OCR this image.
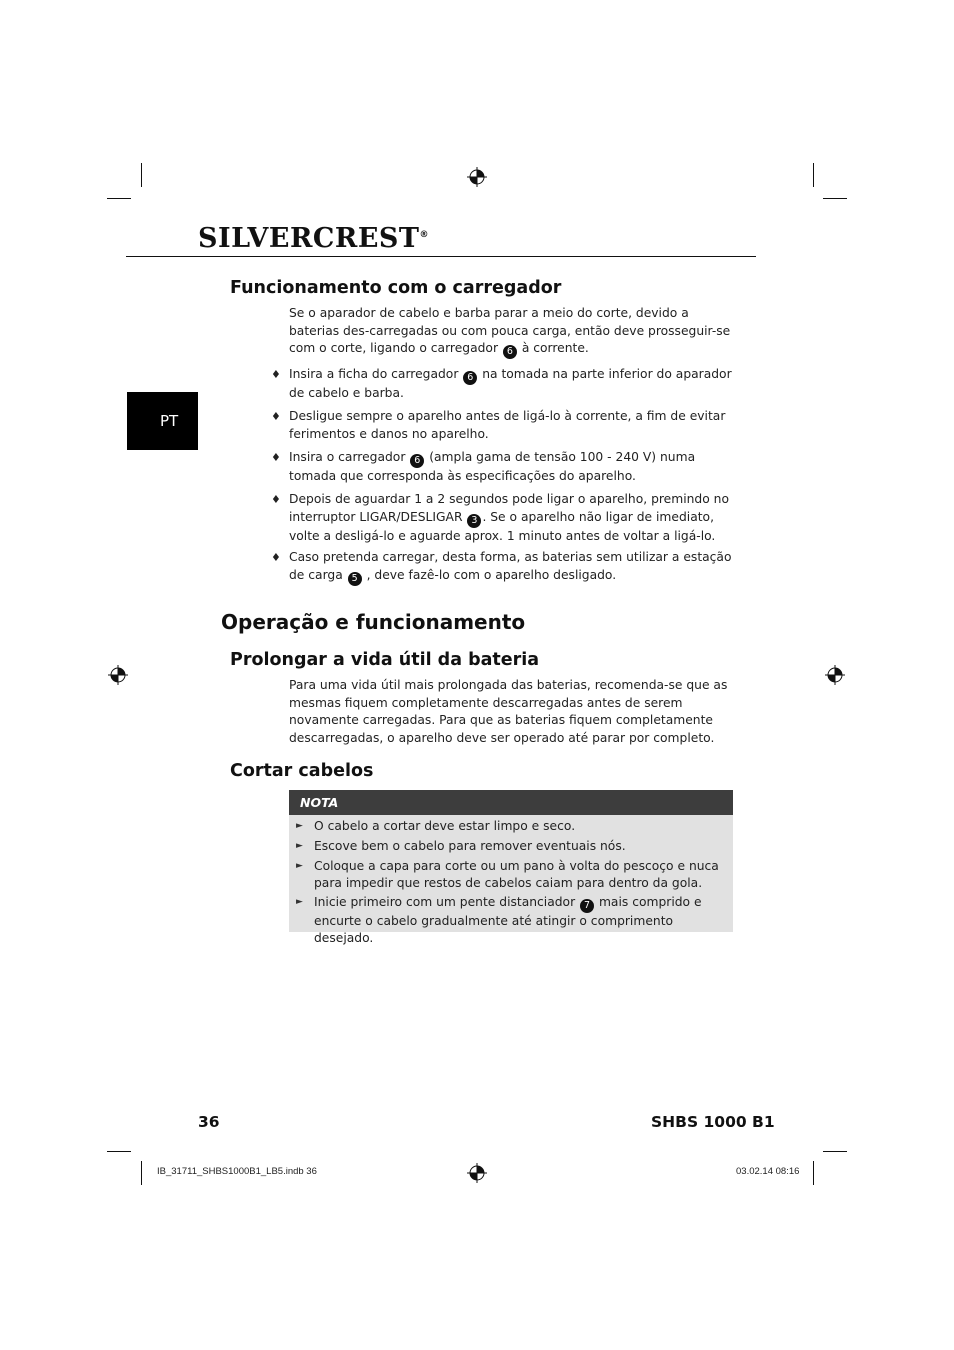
SILVERCREST®
PT
Funcionamento com o carregador
Se o aparador de cabelo e barba parar a meio do corte, devido a baterias des-carregadas ou com pouca carga, então deve prosseguir-se com o corte, ligando o carregador 6 à corrente.
♦ Insira a ficha do carregador 6 na tomada na parte inferior do aparador de cabelo e barba.
♦ Desligue sempre o aparelho antes de ligá-lo à corrente, a fim de evitar ferimentos e danos no aparelho.
♦ Insira o carregador 6 (ampla gama de tensão 100 - 240 V) numa tomada que corresponda às especificações do aparelho.
♦ Depois de aguardar 1 a 2 segundos pode ligar o aparelho, premindo no interruptor LIGAR/DESLIGAR 3 . Se o aparelho não ligar de imediato, volte a desligá-lo e aguarde aprox. 1 minuto antes de voltar a ligá-lo.
♦ Caso pretenda carregar, desta forma, as baterias sem utilizar a estação de carga 5 , deve fazê-lo com o aparelho desligado.
Operação e funcionamento
Prolongar a vida útil da bateria
Para uma vida útil mais prolongada das baterias, recomenda-se que as mesmas fiquem completamente descarregadas antes de serem novamente carregadas. Para que as baterias fiquem completamente descarregadas, o aparelho deve ser operado até parar por completo.
Cortar cabelos
NOTA
► O cabelo a cortar deve estar limpo e seco.
► Escove bem o cabelo para remover eventuais nós.
► Coloque a capa para corte ou um pano à volta do pescoço e nuca para impedir que restos de cabelos caiam para dentro da gola.
► Inicie primeiro com um pente distanciador 7 mais comprido e encurte o cabelo gradualmente até atingir o comprimento desejado.
36	SHBS 1000 B1
IB_31711_SHBS1000B1_LB5.indb 36	03.02.14 08:16
